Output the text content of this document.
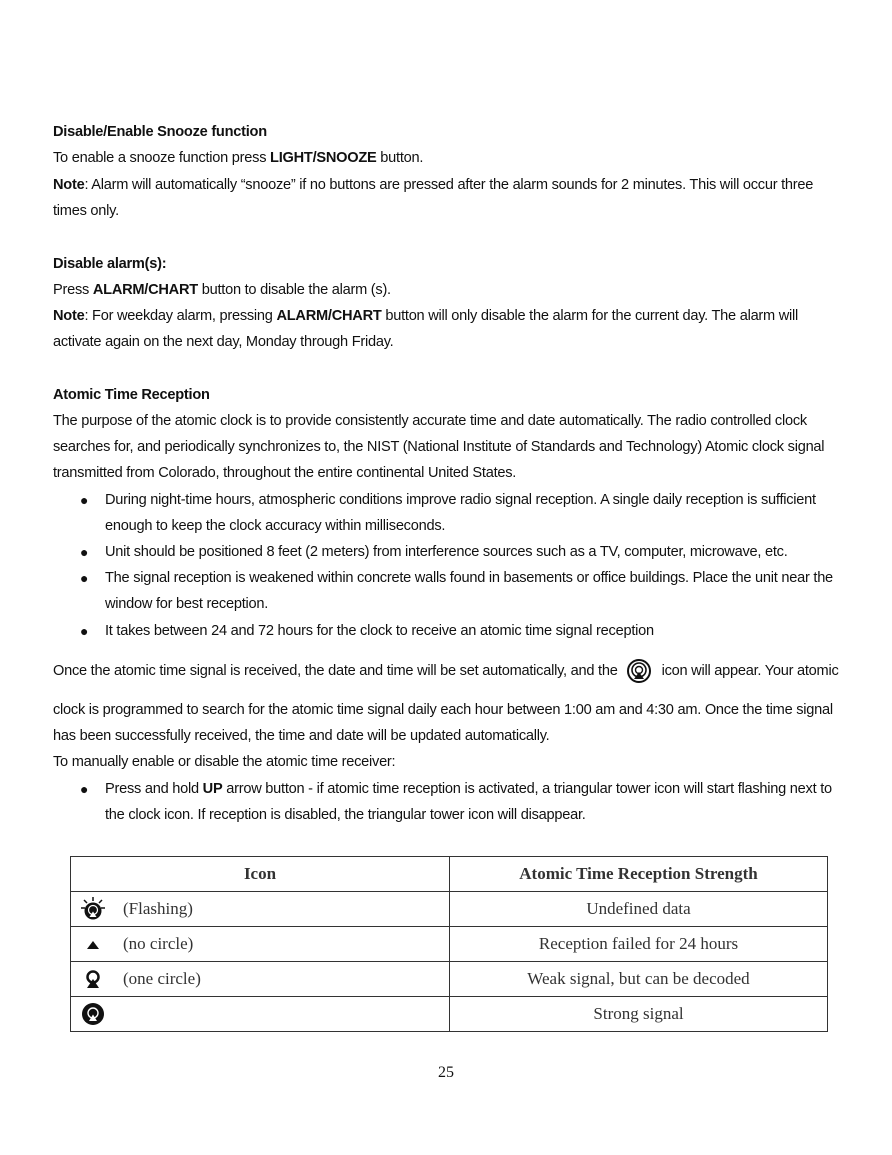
Disable/Enable Snooze function
To enable a snooze function press LIGHT/SNOOZE button.
Note: Alarm will automatically “snooze” if no buttons are pressed after the alarm sounds for 2 minutes. This will occur three
times only.
Disable alarm(s):
Press ALARM/CHART button to disable the alarm (s).
Note: For weekday alarm, pressing ALARM/CHART button will only disable the alarm for the current day. The alarm will
activate again on the next day, Monday through Friday.
Atomic Time Reception
The purpose of the atomic clock is to provide consistently accurate time and date automatically. The radio controlled clock
searches for, and periodically synchronizes to, the NIST (National Institute of Standards and Technology) Atomic clock signal
transmitted from Colorado, throughout the entire continental United States.
● During night-time hours, atmospheric conditions improve radio signal reception. A single daily reception is sufficient
enough to keep the clock accuracy within milliseconds.
● Unit should be positioned 8 feet (2 meters) from interference sources such as a TV, computer, microwave, etc.
● The signal reception is weakened within concrete walls found in basements or office buildings. Place the unit near the
window for best reception.
● It takes between 24 and 72 hours for the clock to receive an atomic time signal reception
Once the atomic time signal is received, the date and time will be set automatically, and the	icon will appear. Your atomic
clock is programmed to search for the atomic time signal daily each hour between 1:00 am and 4:30 am. Once the time signal
has been successfully received, the time and date will be updated automatically.
To manually enable or disable the atomic time receiver:
● Press and hold UP arrow button - if atomic time reception is activated, a triangular tower icon will start flashing next to
the clock icon. If reception is disabled, the triangular tower icon will disappear.
Icon	Atomic Time Reception Strength
(Flashing)	Undefined data
(no circle)	Reception failed for 24 hours
(one circle)	Weak signal, but can be decoded
	Strong signal
25
